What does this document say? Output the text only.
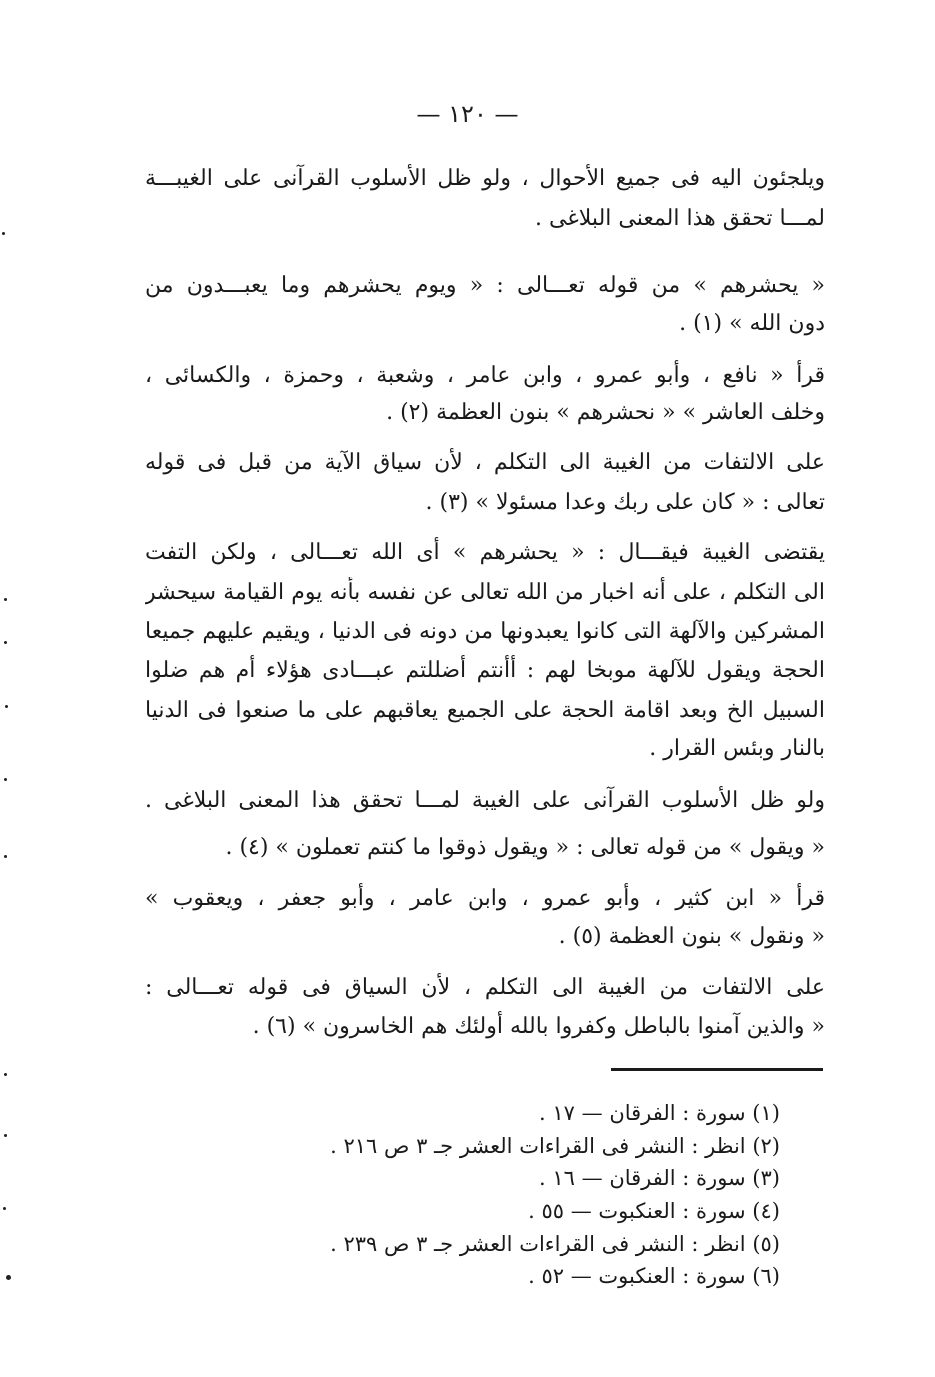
— ١٢٠ —
ويلجئون اليه فى جميع الأحوال ، ولو ظل الأسلوب القرآنى على الغيبـــة
لمـــا تحقق هذا المعنى البلاغى .
« يحشرهم » من قوله تعـــالى : « ويوم يحشرهم وما يعبـــدون من
دون الله » (١) .
قرأ « نافع ، وأبو عمرو ، وابن عامر ، وشعبة ، وحمزة ، والكسائى ،
وخلف العاشر » « نحشرهم » بنون العظمة (٢) .
على الالتفات من الغيبة الى التكلم ، لأن سياق الآية من قبل فى قوله
تعالى : « كان على ربك وعدا مسئولا » (٣) .
يقتضى الغيبة فيقـــال : « يحشرهم » أى الله تعـــالى ، ولكن التفت
الى التكلم ، على أنه اخبار من الله تعالى عن نفسه بأنه يوم القيامة سيحشر
المشركين والآلهة التى كانوا يعبدونها من دونه فى الدنيا ، ويقيم عليهم جميعا
الحجة ويقول للآلهة موبخا لهم : أأنتم أضللتم عبـــادى هؤلاء أم هم ضلوا
السبيل الخ وبعد اقامة الحجة على الجميع يعاقبهم على ما صنعوا فى الدنيا
بالنار وبئس القرار .
ولو ظل الأسلوب القرآنى على الغيبة لمـــا تحقق هذا المعنى البلاغى .
« ويقول » من قوله تعالى : « ويقول ذوقوا ما كنتم تعملون » (٤) .
قرأ « ابن كثير ، وأبو عمرو ، وابن عامر ، وأبو جعفر ، ويعقوب »
« ونقول » بنون العظمة (٥) .
على الالتفات من الغيبة الى التكلم ، لأن السياق فى قوله تعـــالى :
« والذين آمنوا بالباطل وكفروا بالله أولئك هم الخاسرون » (٦) .
(١) سورة : الفرقان — ١٧ .
(٢) انظر : النشر فى القراءات العشر جـ ٣ ص ٢١٦ .
(٣) سورة : الفرقان — ١٦ .
(٤) سورة : العنكبوت — ٥٥ .
(٥) انظر : النشر فى القراءات العشر جـ ٣ ص ٢٣٩ .
(٦) سورة : العنكبوت — ٥٢ .
